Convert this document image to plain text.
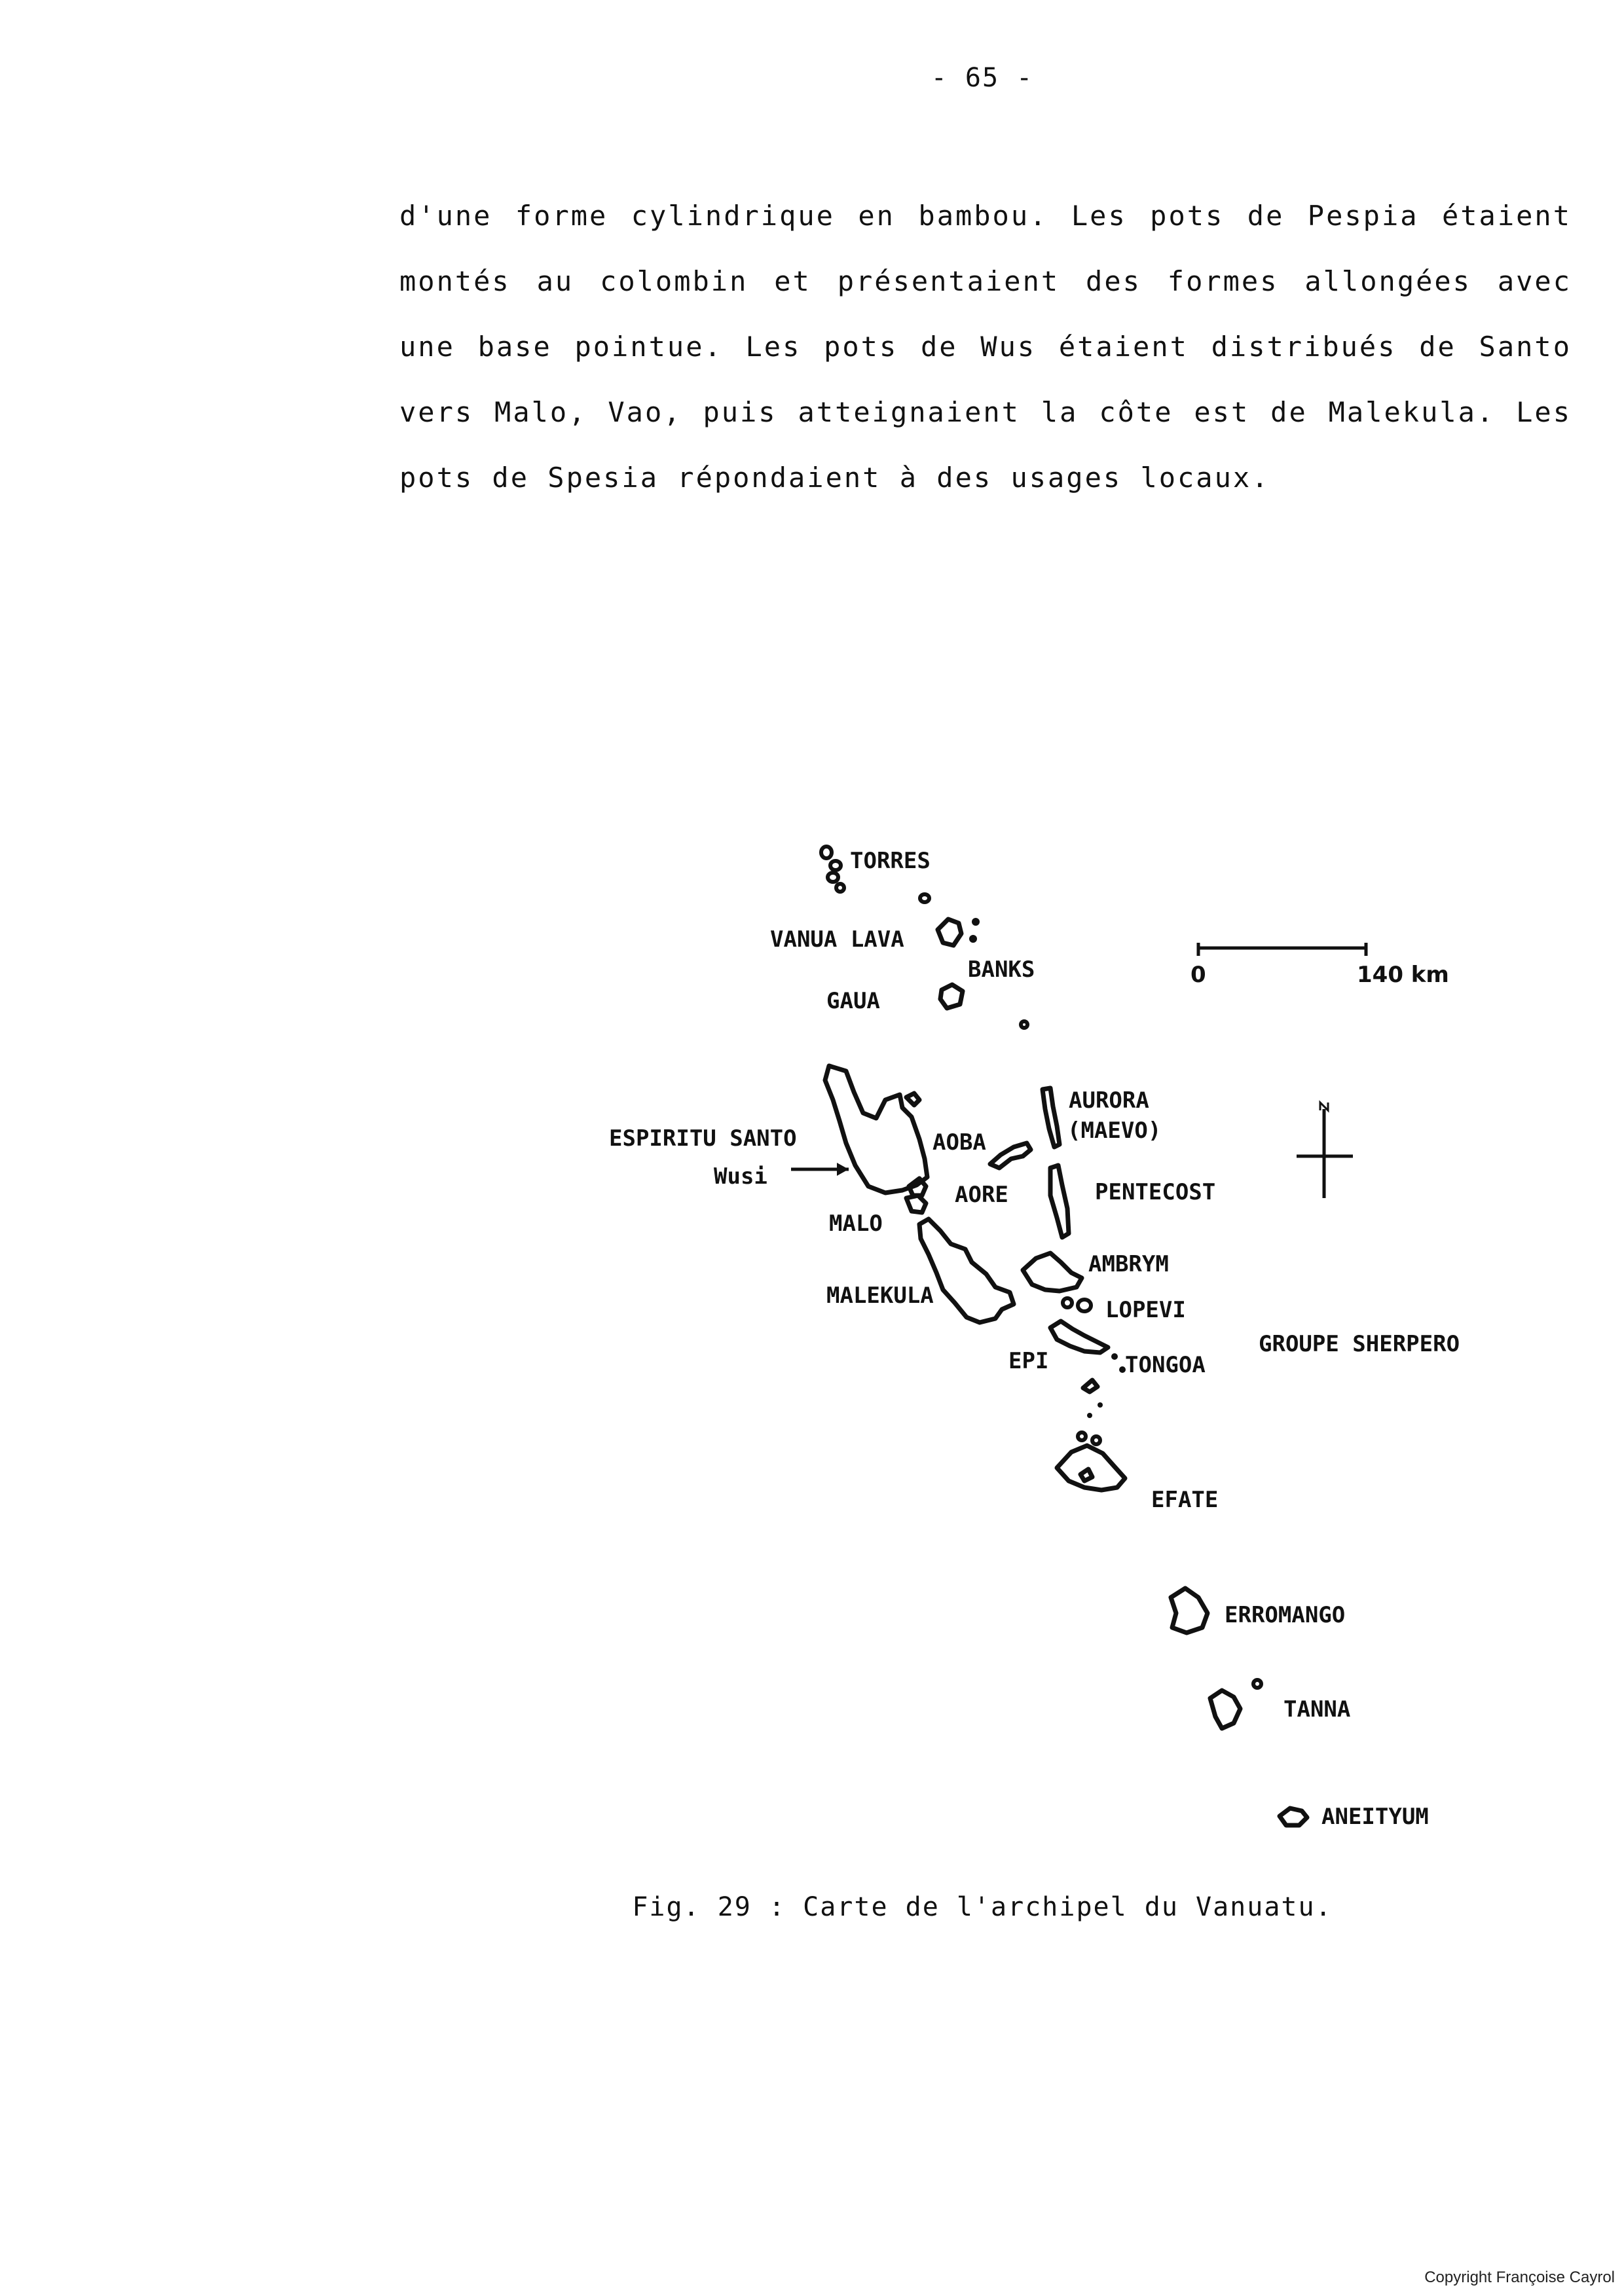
- 65 -

d'une forme cylindrique en bambou. Les pots de Pespia étaient montés au colombin et présentaient des formes allongées avec une base pointue. Les pots de Wus étaient distribués de Santo vers Malo, Vao, puis atteignaient la côte est de Malekula. Les pots de Spesia répondaient à des usages locaux.

0	140 km
TORRES
VANUA LAVA
BANKS
GAUA
ESPIRITU SANTO
Wusi
AOBA
AORE
AURORA
(MAEVO)
PENTECOST
MALO
MALEKULA
AMBRYM
LOPEVI
EPI	TONGOA
GROUPE SHERPERO
EFATE
ERROMANGO
TANNA
ANEITYUM
Fig. 29 : Carte de l'archipel du Vanuatu.
Copyright Françoise Cayrol
